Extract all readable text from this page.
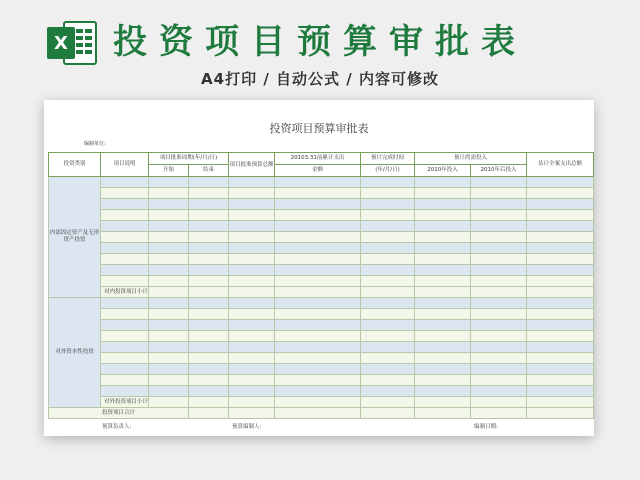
X 投资项目预算审批表
A4打印 / 自动公式 / 内容可修改
投资项目预算审批表
编制单位:
投资类别	项目说明	项目批准周期(年/月/日)		项目批准预算总额	20103.31前累计支出	预计完成时间	预计尚需投入		估计全案支出总额
		开始	结束		金额	(年/月/日)	2010年投入	2010年后投入	
内部固定资产及无形资产投资									

	对内投资项目小计								
对外资本性投资									

	对外投资项目小计								
投资项目合计									
预算负责人:	预算编制人:	编制日期:
